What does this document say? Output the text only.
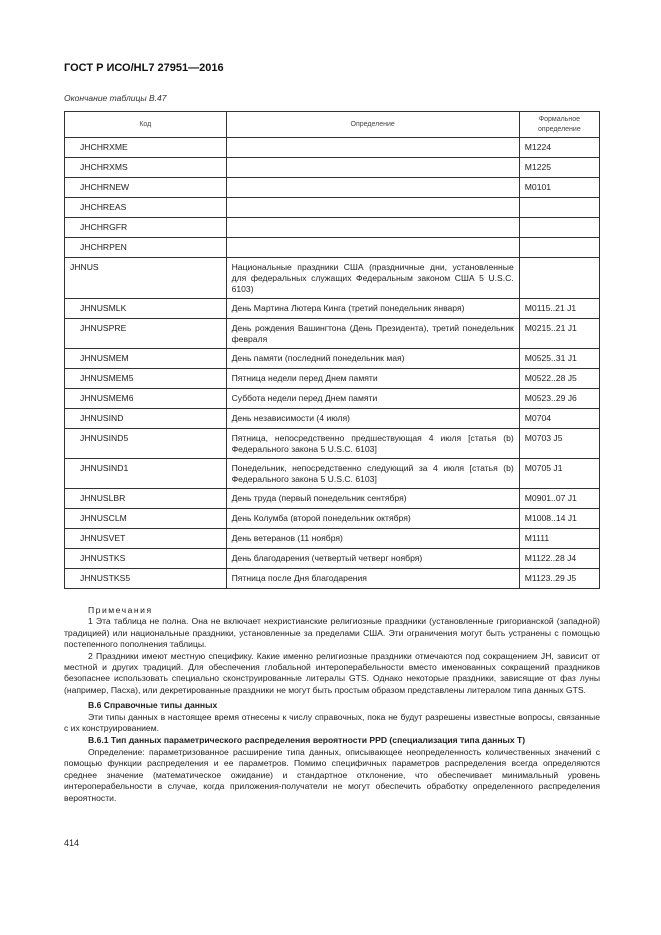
ГОСТ Р ИСО/HL7 27951—2016
Окончание таблицы В.47
Код	Определение	Формальное определение
JHCHRXME		M1224
JHCHRXMS		M1225
JHCHRNEW		M0101
JHCHREAS		
JHCHRGFR		
JHCHRPEN		
JHNUS	Национальные праздники США (праздничные дни, установленные для федеральных служащих Федеральным законом США 5 U.S.C. 6103)	
JHNUSMLK	День Мартина Лютера Кинга (третий понедельник января)	M0115..21 J1
JHNUSPRE	День рождения Вашингтона (День Президента), третий понедельник февраля	M0215..21 J1
JHNUSMEM	День памяти (последний понедельник мая)	M0525..31 J1
JHNUSMEM5	Пятница недели перед Днем памяти	M0522..28 J5
JHNUSMEM6	Суббота недели перед Днем памяти	M0523..29 J6
JHNUSIND	День независимости (4 июля)	M0704
JHNUSIND5	Пятница, непосредственно предшествующая 4 июля [статья (b) Федерального закона 5 U.S.C. 6103]	M0703 J5
JHNUSIND1	Понедельник, непосредственно следующий за 4 июля [статья (b) Федерального закона 5 U.S.C. 6103]	M0705 J1
JHNUSLBR	День труда (первый понедельник сентября)	M0901..07 J1
JHNUSCLM	День Колумба (второй понедельник октября)	M1008..14 J1
JHNUSVET	День ветеранов (11 ноября)	M1111
JHNUSTKS	День благодарения (четвертый четверг ноября)	M1122..28 J4
JHNUSTKS5	Пятница после Дня благодарения	M1123..29 J5

Примечания

1 Эта таблица не полна. Она не включает нехристианские религиозные праздники (установленные григорианской (западной) традицией) или национальные праздники, установленные за пределами США. Эти ограничения могут быть устранены с помощью постепенного пополнения таблицы.

2 Праздники имеют местную специфику. Какие именно религиозные праздники отмечаются под сокращением JH, зависит от местной и других традиций. Для обеспечения глобальной интероперабельности вместо именованных сокращений праздников безопаснее использовать специально сконструированные литералы GTS. Однако некоторые праздники, зависящие от фаз луны (например, Пасха), или декретированные праздники не могут быть простым образом представлены литералом типа данных GTS.

В.6 Справочные типы данных

Эти типы данных в настоящее время отнесены к числу справочных, пока не будут разрешены известные вопросы, связанные с их конструированием.

В.6.1 Тип данных параметрического распределения вероятности PPD (специализация типа данных T)

Определение: параметризованное расширение типа данных, описывающее неопределенность количественных значений с помощью функции распределения и ее параметров. Помимо специфичных параметров распределения всегда определяются среднее значение (математическое ожидание) и стандартное отклонение, что обеспечивает минимальный уровень интероперабельности в случае, когда приложения-получатели не могут обеспечить обработку определенного распределения вероятности.

414
